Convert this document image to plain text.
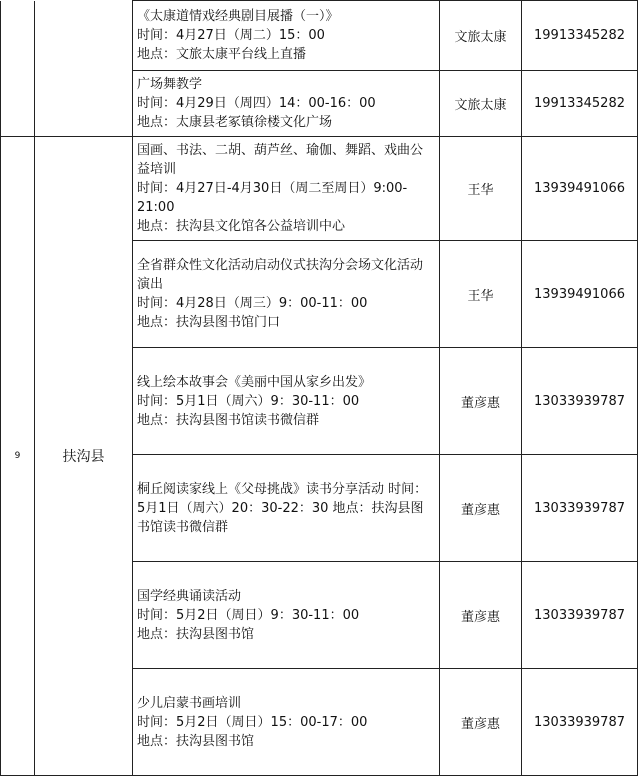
		《太康道情戏经典剧目展播（一）》
时间：4月27日（周二）15：00
地点：文旅太康平台线上直播	文旅太康	19913345282

		广场舞教学
时间：4月29日（周四）14：00-16：00
地点：太康县老冢镇徐楼文化广场	文旅太康	19913345282
9	扶沟县	国画、书法、二胡、葫芦丝、瑜伽、舞蹈、戏曲公益培训
时间：4月27日-4月30日（周二至周日）9:00-21:00
地点：扶沟县文化馆各公益培训中心	王华	13939491066

		全省群众性文化活动启动仪式扶沟分会场文化活动演出
时间：4月28日（周三）9：00-11：00
地点：扶沟县图书馆门口	王华	13939491066

		线上绘本故事会《美丽中国从家乡出发》
时间：5月1日（周六）9：30-11：00
地点：扶沟县图书馆读书微信群	董彦惠	13033939787

		桐丘阅读家线上《父母挑战》读书分享活动 时间：5月1日（周六）20：30-22：30 地点：扶沟县图书馆读书微信群	董彦惠	13033939787

		国学经典诵读活动
时间：5月2日（周日）9：30-11：00
地点：扶沟县图书馆	董彦惠	13033939787

		少儿启蒙书画培训
时间：5月2日（周日）15：00-17：00
地点：扶沟县图书馆	董彦惠	13033939787
